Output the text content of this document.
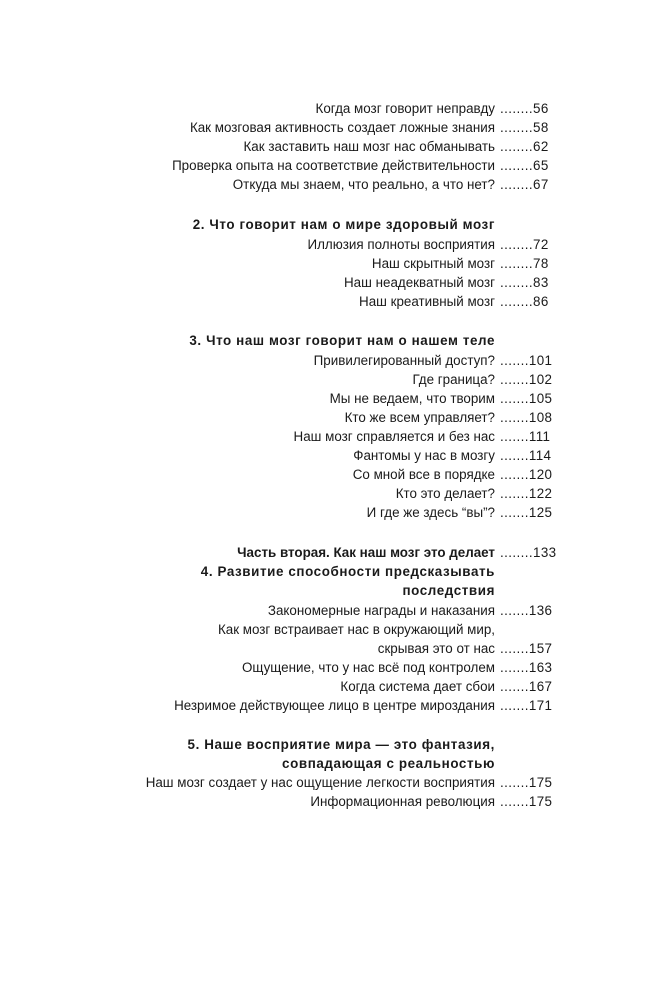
Когда мозг говорит неправду ........56
Как мозговая активность создает ложные знания ........58
Как заставить наш мозг нас обманывать ........62
Проверка опыта на соответствие действительности ........65
Откуда мы знаем, что реально, а что нет? ........67
2. Что говорит нам о мире здоровый мозг
Иллюзия полноты восприятия ........72
Наш скрытный мозг ........78
Наш неадекватный мозг ........83
Наш креативный мозг ........86
3. Что наш мозг говорит нам о нашем теле
Привилегированный доступ? .......101
Где граница? .......102
Мы не ведаем, что творим .......105
Кто же всем управляет? .......108
Наш мозг справляется и без нас .......111
Фантомы у нас в мозгу .......114
Со мной все в порядке .......120
Кто это делает? .......122
И где же здесь “вы”? .......125
Часть вторая. Как наш мозг это делает ........133
4. Развитие способности предсказывать
последствия
Закономерные награды и наказания .......136
Как мозг встраивает нас в окружающий мир,
скрывая это от нас .......157
Ощущение, что у нас всё под контролем .......163
Когда система дает сбои .......167
Незримое действующее лицо в центре мироздания .......171
5. Наше восприятие мира — это фантазия,
совпадающая с реальностью
Наш мозг создает у нас ощущение легкости восприятия .......175
Информационная революция .......175
